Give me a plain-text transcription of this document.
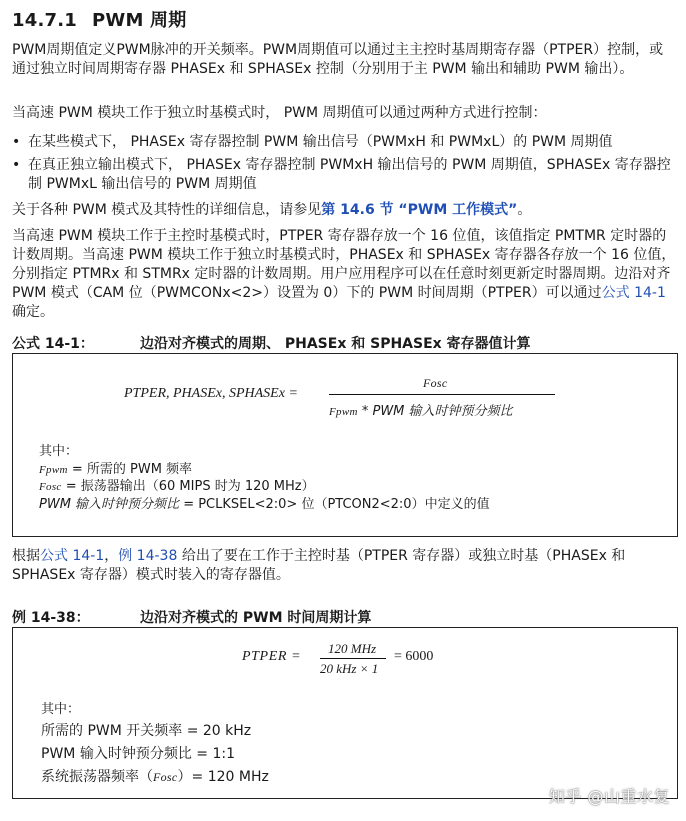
14.7.1 PWM 周期
PWM周期值定义PWM脉冲的开关频率。PWM周期值可以通过主主控时基周期寄存器（PTPER）控制，或通过独立时间周期寄存器 PHASEx 和 SPHASEx 控制（分别用于主 PWM 输出和辅助 PWM 输出）。
当高速 PWM 模块工作于独立时基模式时， PWM 周期值可以通过两种方式进行控制：
• 在某些模式下， PHASEx 寄存器控制 PWM 输出信号（PWMxH 和 PWMxL）的 PWM 周期值
• 在真正独立输出模式下， PHASEx 寄存器控制 PWMxH 输出信号的 PWM 周期值，SPHASEx 寄存器控制 PWMxL 输出信号的 PWM 周期值
关于各种 PWM 模式及其特性的详细信息，请参见第 14.6 节 “PWM 工作模式”。
当高速 PWM 模块工作于主控时基模式时，PTPER 寄存器存放一个 16 位值，该值指定 PMTMR 定时器的计数周期。当高速 PWM 模块工作于独立时基模式时，PHASEx 和 SPHASEx 寄存器各存放一个 16 位值，分别指定 PTMRx 和 STMRx 定时器的计数周期。用户应用程序可以在任意时刻更新定时器周期。边沿对齐 PWM 模式（CAM 位（PWMCONx<2>）设置为 0）下的 PWM 时间周期（PTPER）可以通过公式 14-1 确定。
公式 14-1：	边沿对齐模式的周期、 PHASEx 和 SPHASEx 寄存器值计算
PTPER, PHASEx, SPHASEx =
Fosc
Fpwm * PWM 输入时钟预分频比
其中：
Fpwm = 所需的 PWM 频率
Fosc = 振荡器输出（60 MIPS 时为 120 MHz）
PWM 输入时钟预分频比 = PCLKSEL<2:0> 位（PTCON2<2:0）中定义的值
根据公式 14-1，例 14-38 给出了要在工作于主控时基（PTPER 寄存器）或独立时基（PHASEx 和 SPHASEx 寄存器）模式时装入的寄存器值。
例 14-38：	边沿对齐模式的 PWM 时间周期计算
PTPER =
120 MHz
20 kHz × 1
= 6000
其中：
所需的 PWM 开关频率 = 20 kHz
PWM 输入时钟预分频比 = 1:1
系统振荡器频率（Fosc）= 120 MHz
知乎 @山重水复
